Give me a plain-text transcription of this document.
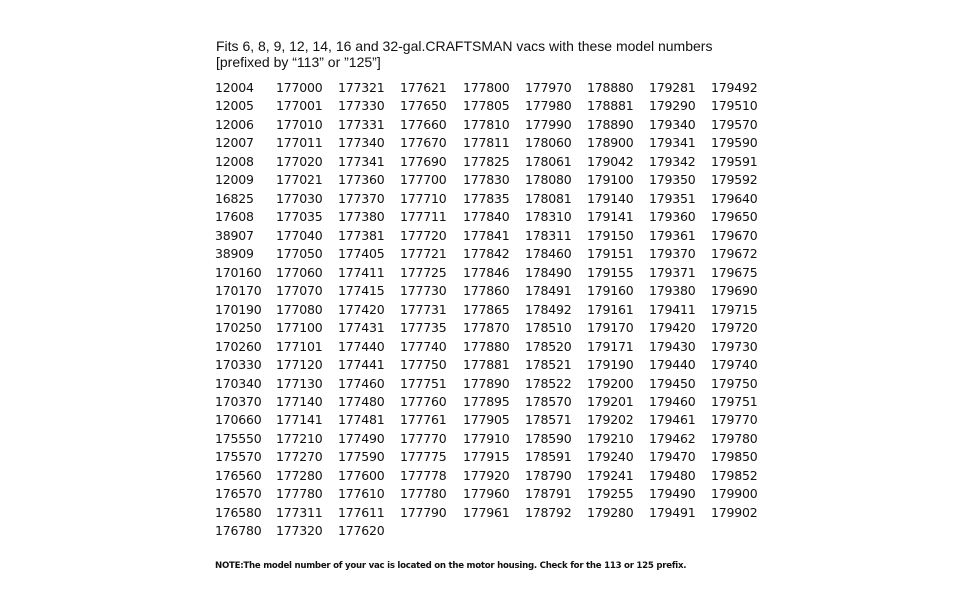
Fits 6, 8, 9, 12, 14, 16 and 32-gal.CRAFTSMAN vacs with these model numbers
[prefixed by “113” or ”125”]
12004
12005
12006
12007
12008
12009
16825
17608
38907
38909
170160
170170
170190
170250
170260
170330
170340
170370
170660
175550
175570
176560
176570
176580
176780
177000
177001
177010
177011
177020
177021
177030
177035
177040
177050
177060
177070
177080
177100
177101
177120
177130
177140
177141
177210
177270
177280
177780
177311
177320
177321
177330
177331
177340
177341
177360
177370
177380
177381
177405
177411
177415
177420
177431
177440
177441
177460
177480
177481
177490
177590
177600
177610
177611
177620
177621
177650
177660
177670
177690
177700
177710
177711
177720
177721
177725
177730
177731
177735
177740
177750
177751
177760
177761
177770
177775
177778
177780
177790
177800
177805
177810
177811
177825
177830
177835
177840
177841
177842
177846
177860
177865
177870
177880
177881
177890
177895
177905
177910
177915
177920
177960
177961
177970
177980
177990
178060
178061
178080
178081
178310
178311
178460
178490
178491
178492
178510
178520
178521
178522
178570
178571
178590
178591
178790
178791
178792
178880
178881
178890
178900
179042
179100
179140
179141
179150
179151
179155
179160
179161
179170
179171
179190
179200
179201
179202
179210
179240
179241
179255
179280
179281
179290
179340
179341
179342
179350
179351
179360
179361
179370
179371
179380
179411
179420
179430
179440
179450
179460
179461
179462
179470
179480
179490
179491
179492
179510
179570
179590
179591
179592
179640
179650
179670
179672
179675
179690
179715
179720
179730
179740
179750
179751
179770
179780
179850
179852
179900
179902
NOTE:The model number of your vac is located on the motor housing. Check for the 113 or 125 prefix.
